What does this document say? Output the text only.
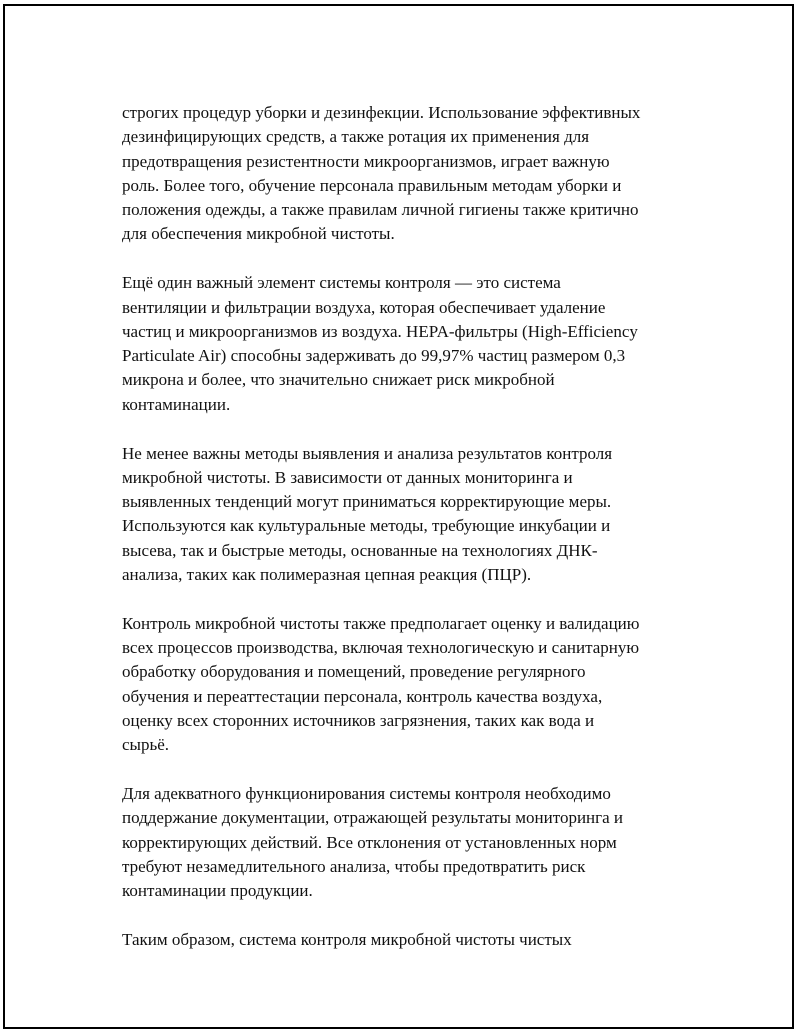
строгих процедур уборки и дезинфекции. Использование эффективных
дезинфицирующих средств, а также ротация их применения для
предотвращения резистентности микроорганизмов, играет важную
роль. Более того, обучение персонала правильным методам уборки и
положения одежды, а также правилам личной гигиены также критично
для обеспечения микробной чистоты.

Ещё один важный элемент системы контроля — это система
вентиляции и фильтрации воздуха, которая обеспечивает удаление
частиц и микроорганизмов из воздуха. HEPA-фильтры (High-Efficiency
Particulate Air) способны задерживать до 99,97% частиц размером 0,3
микрона и более, что значительно снижает риск микробной
контаминации.

Не менее важны методы выявления и анализа результатов контроля
микробной чистоты. В зависимости от данных мониторинга и
выявленных тенденций могут приниматься корректирующие меры.
Используются как культуральные методы, требующие инкубации и
высева, так и быстрые методы, основанные на технологиях ДНК-
анализа, таких как полимеразная цепная реакция (ПЦР).

Контроль микробной чистоты также предполагает оценку и валидацию
всех процессов производства, включая технологическую и санитарную
обработку оборудования и помещений, проведение регулярного
обучения и переаттестации персонала, контроль качества воздуха,
оценку всех сторонних источников загрязнения, таких как вода и
сырьё.

Для адекватного функционирования системы контроля необходимо
поддержание документации, отражающей результаты мониторинга и
корректирующих действий. Все отклонения от установленных норм
требуют незамедлительного анализа, чтобы предотвратить риск
контаминации продукции.

Таким образом, система контроля микробной чистоты чистых
